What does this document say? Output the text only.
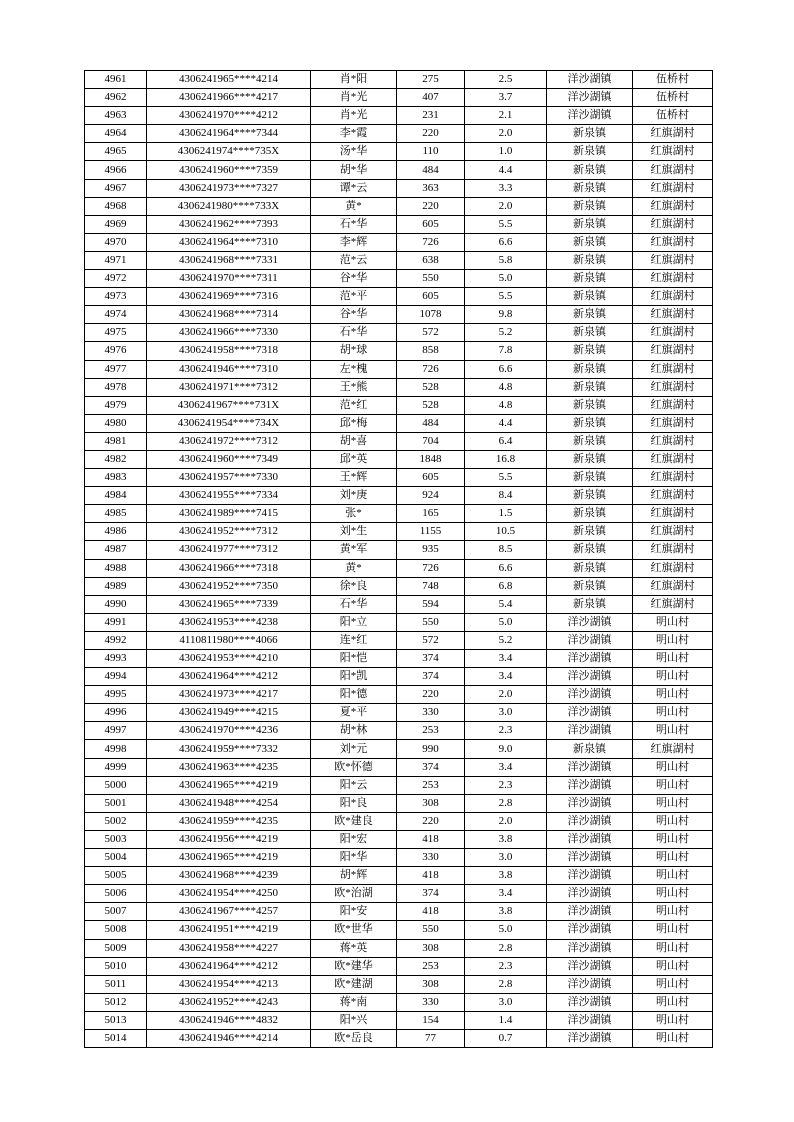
4961	4306241965****4214	肖*阳	275	2.5	洋沙湖镇	伍桥村
4962	4306241966****4217	肖*光	407	3.7	洋沙湖镇	伍桥村
4963	4306241970****4212	肖*光	231	2.1	洋沙湖镇	伍桥村
4964	4306241964****7344	李*霞	220	2.0	新泉镇	红旗湖村
4965	4306241974****735X	汤*华	110	1.0	新泉镇	红旗湖村
4966	4306241960****7359	胡*华	484	4.4	新泉镇	红旗湖村
4967	4306241973****7327	谭*云	363	3.3	新泉镇	红旗湖村
4968	4306241980****733X	黄*	220	2.0	新泉镇	红旗湖村
4969	4306241962****7393	石*华	605	5.5	新泉镇	红旗湖村
4970	4306241964****7310	李*辉	726	6.6	新泉镇	红旗湖村
4971	4306241968****7331	范*云	638	5.8	新泉镇	红旗湖村
4972	4306241970****7311	谷*华	550	5.0	新泉镇	红旗湖村
4973	4306241969****7316	范*平	605	5.5	新泉镇	红旗湖村
4974	4306241968****7314	谷*华	1078	9.8	新泉镇	红旗湖村
4975	4306241966****7330	石*华	572	5.2	新泉镇	红旗湖村
4976	4306241958****7318	胡*球	858	7.8	新泉镇	红旗湖村
4977	4306241946****7310	左*槐	726	6.6	新泉镇	红旗湖村
4978	4306241971****7312	王*熊	528	4.8	新泉镇	红旗湖村
4979	4306241967****731X	范*红	528	4.8	新泉镇	红旗湖村
4980	4306241954****734X	邱*梅	484	4.4	新泉镇	红旗湖村
4981	4306241972****7312	胡*喜	704	6.4	新泉镇	红旗湖村
4982	4306241960****7349	邱*英	1848	16.8	新泉镇	红旗湖村
4983	4306241957****7330	王*辉	605	5.5	新泉镇	红旗湖村
4984	4306241955****7334	刘*庚	924	8.4	新泉镇	红旗湖村
4985	4306241989****7415	张*	165	1.5	新泉镇	红旗湖村
4986	4306241952****7312	刘*生	1155	10.5	新泉镇	红旗湖村
4987	4306241977****7312	黄*军	935	8.5	新泉镇	红旗湖村
4988	4306241966****7318	黄*	726	6.6	新泉镇	红旗湖村
4989	4306241952****7350	徐*良	748	6.8	新泉镇	红旗湖村
4990	4306241965****7339	石*华	594	5.4	新泉镇	红旗湖村
4991	4306241953****4238	阳*立	550	5.0	洋沙湖镇	明山村
4992	4110811980****4066	连*红	572	5.2	洋沙湖镇	明山村
4993	4306241953****4210	阳*恺	374	3.4	洋沙湖镇	明山村
4994	4306241964****4212	阳*凯	374	3.4	洋沙湖镇	明山村
4995	4306241973****4217	阳*德	220	2.0	洋沙湖镇	明山村
4996	4306241949****4215	夏*平	330	3.0	洋沙湖镇	明山村
4997	4306241970****4236	胡*林	253	2.3	洋沙湖镇	明山村
4998	4306241959****7332	刘*元	990	9.0	新泉镇	红旗湖村
4999	4306241963****4235	欧*怀德	374	3.4	洋沙湖镇	明山村
5000	4306241965****4219	阳*云	253	2.3	洋沙湖镇	明山村
5001	4306241948****4254	阳*良	308	2.8	洋沙湖镇	明山村
5002	4306241959****4235	欧*建良	220	2.0	洋沙湖镇	明山村
5003	4306241956****4219	阳*宏	418	3.8	洋沙湖镇	明山村
5004	4306241965****4219	阳*华	330	3.0	洋沙湖镇	明山村
5005	4306241968****4239	胡*辉	418	3.8	洋沙湖镇	明山村
5006	4306241954****4250	欧*治湖	374	3.4	洋沙湖镇	明山村
5007	4306241967****4257	阳*安	418	3.8	洋沙湖镇	明山村
5008	4306241951****4219	欧*世华	550	5.0	洋沙湖镇	明山村
5009	4306241958****4227	蒋*英	308	2.8	洋沙湖镇	明山村
5010	4306241964****4212	欧*建华	253	2.3	洋沙湖镇	明山村
5011	4306241954****4213	欧*建湖	308	2.8	洋沙湖镇	明山村
5012	4306241952****4243	蒋*南	330	3.0	洋沙湖镇	明山村
5013	4306241946****4832	阳*兴	154	1.4	洋沙湖镇	明山村
5014	4306241946****4214	欧*岳良	77	0.7	洋沙湖镇	明山村
